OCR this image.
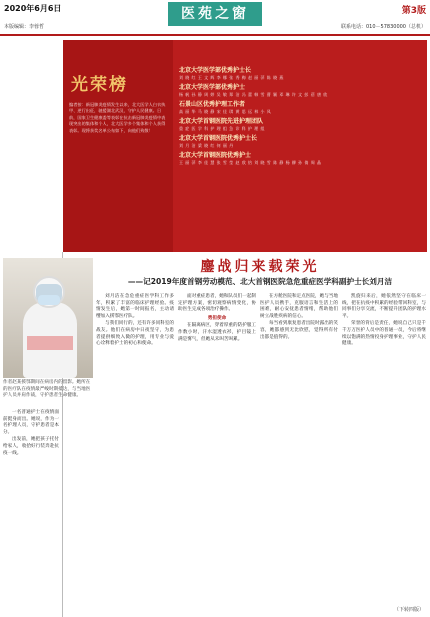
2020年6月6日
本版编辑：李蓉哲
医苑之窗	第3版
联系电话：010－57830000（总机）
光荣榜
编者按：新冠肺炎疫情发生以来，北大医学人白衣执甲、逆行出征，驰援湖北武汉，守护人民健康。日前，国家卫生健康委等表彰在抗击新冠肺炎疫情中表现突出的集体和个人，北大医学多个集体和个人获得表彰。现将获奖名单公布如下，向他们致敬！
北京大学医学部优秀护士长
刘 晓 红 王 文 辉 李 娜 张 秀 梅 赵 丽 萍 陈 晓 燕
北京大学医学部优秀护士
杨 帆 孙 静 周 婷 吴 敏 郑 洁 冯 蕾 韩 雪 曹 颖 邓 琳 许 文 彭 蓓 唐 欣
石景山区优秀护理工作者
高 丽 华 马 晓 静 宋 佳 琪 黄 思 远 林 小 凤
北京大学首钢医院先进护理团队
重 症 医 学 科 护 理 组 急 诊 科 护 理 组
北京大学首钢医院优秀护士长
刘 月 洁 梁 晓 红 何 丽 丹
北京大学首钢医院优秀护士
王 丽 萍 李 佳 慧 张 雪 莹 赵 欣 怡 刘 晓 雪 陈 静 杨 柳 孙 倩 周 晶
作者赵某援鄂期间在病房内的留影。她所在的医疗队在疫情最严峻时期抵达，与当地医护人员并肩作战，守护患者生命健康。
鏖战归来载荣光
——记2019年度首钢劳动模范、北大首钢医院急危重症医学科副护士长刘月洁

一名普通护士在疫情面前挺身而出。她说，作为一名护理人员，守护患者是本分。

出发前，她把孩子托付给家人，收拾好行装奔赴抗疫一线。

刘月洁在急危重症医学科工作多年，积累了丰富的临床护理经验。疫情发生后，她第一时间报名，主动请缨加入援鄂医疗队。

与我们同行的，还有许多同科室的战友。他们在病房中日夜坚守，为患者提供细致入微的护理，用专业与爱心诠释着护士的初心和使命。

面对重症患者，她和队员们一起制定护理方案，密切观察病情变化，协助医生完成各项治疗操作。

勇担使命

在隔离病区，穿着厚重的防护服工作数小时，汗水湿透衣衫，护目镜上满是雾气，但她从未叫苦叫累。

在方舱医院和定点医院，她与当地医护人员携手，克服语言和生活上的困难，耐心安抚患者情绪，帮助他们树立战胜疾病的信心。

每当看到康复患者出院时露出的笑容，她都感到无比欣慰，觉得所有付出都是值得的。

凯旋归来后，她依然坚守在临床一线，把在抗疫中积累的经验带回科室，与同事们分享交流，不断提升团队的护理水平。

荣誉的背后是责任，她说自己只是千千万万医护人员中的普通一员，今后将继续以饱满的热情投身护理事业，守护人民健康。

（下转四版）
